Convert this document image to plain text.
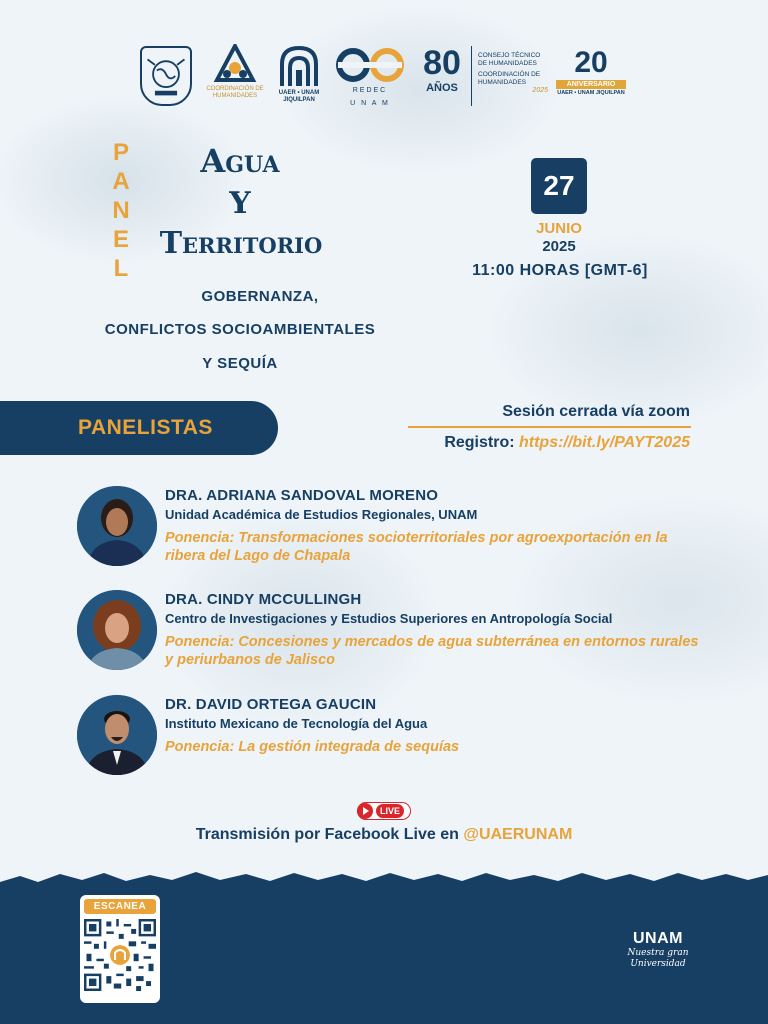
COORDINACIÓN DE HUMANIDADES	UAER • UNAM JIQUILPAN
REDEC
U N A M
80
AÑOS
CONSEJO TÉCNICO DE HUMANIDADES
COORDINACIÓN DE HUMANIDADES
2025
20
ANIVERSARIO
UAER • UNAM JIQUILPAN
P
A
N
E
L
Agua
Y
Territorio
GOBERNANZA,
CONFLICTOS SOCIOAMBIENTALES
Y SEQUÍA
27
JUNIO
2025
11:00 HORAS [GMT-6]
PANELISTAS
Sesión cerrada vía zoom
Registro: https://bit.ly/PAYT2025
DRA. ADRIANA SANDOVAL MORENO
Unidad Académica de Estudios Regionales, UNAM
Ponencia: Transformaciones socioterritoriales por agroexportación en la ribera del Lago de Chapala
DRA. CINDY MCCULLINGH
Centro de Investigaciones y Estudios Superiores en Antropología Social
Ponencia: Concesiones y mercados de agua subterránea en entornos rurales y periurbanos de Jalisco
DR. DAVID ORTEGA GAUCIN
Instituto Mexicano de Tecnología del Agua
Ponencia: La gestión integrada de sequías
LIVE
Transmisión por Facebook Live en @UAERUNAM
ESCANEA
UNAM
Nuestra gran
Universidad
